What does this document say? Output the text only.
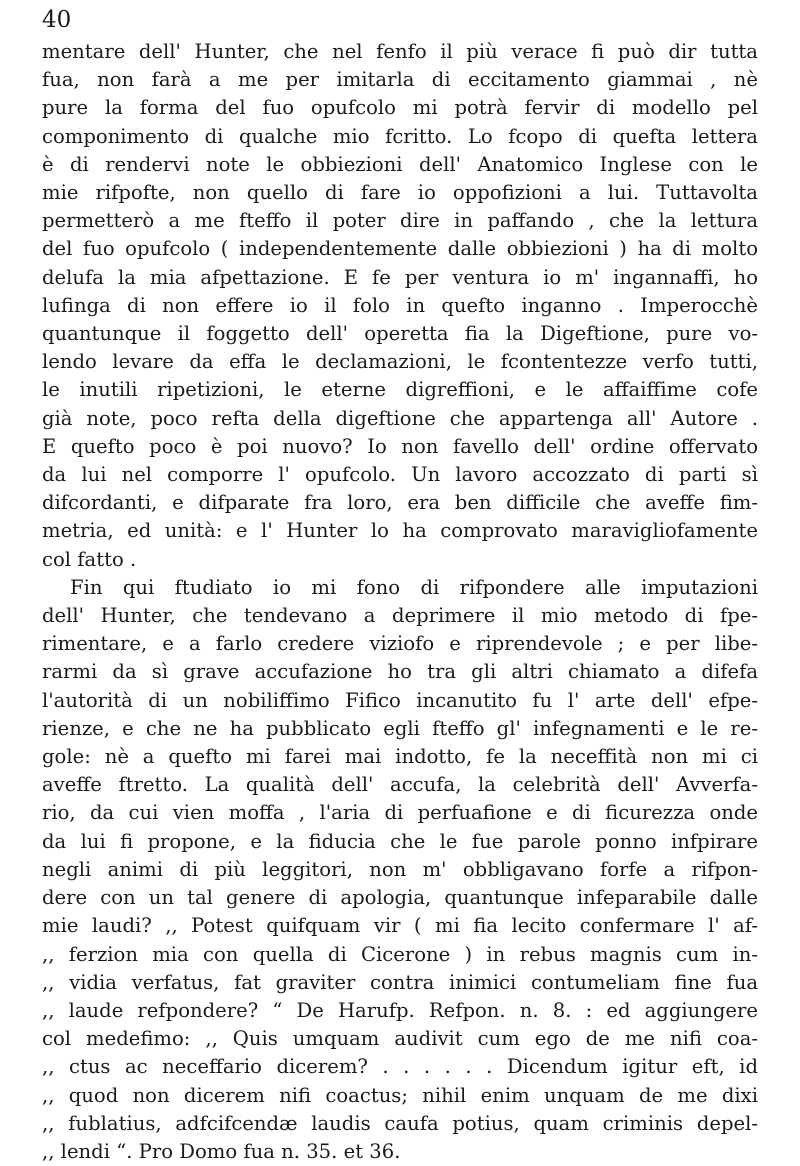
40
mentare dell' Hunter, che nel fenfo il più verace fi può dir tutta
fua, non farà a me per imitarla di eccitamento giammai , nè
pure la forma del fuo opufcolo mi potrà fervir di modello pel
componimento di qualche mio fcritto. Lo fcopo di quefta lettera
è di rendervi note le obbiezioni dell' Anatomico Inglese con le
mie rifpofte, non quello di fare io oppofizioni a lui. Tuttavolta
permetterò a me fteffo il poter dire in paffando , che la lettura
del fuo opufcolo ( independentemente dalle obbiezioni ) ha di molto
delufa la mia afpettazione. E fe per ventura io m' ingannaffi, ho
lufinga di non effere io il folo in quefto inganno . Imperocchè
quantunque il foggetto dell' operetta fia la Digeftione, pure vo-
lendo levare da effa le declamazioni, le fcontentezze verfo tutti,
le inutili ripetizioni, le eterne digreffioni, e le affaiffime cofe
già note, poco refta della digeftione che appartenga all' Autore .
E quefto poco è poi nuovo? Io non favello dell' ordine offervato
da lui nel comporre l' opufcolo. Un lavoro accozzato di parti sì
difcordanti, e difparate fra loro, era ben difficile che aveffe fim-
metria, ed unità: e l' Hunter lo ha comprovato maravigliofamente
col fatto .
Fin qui ftudiato io mi fono di rifpondere alle imputazioni
dell' Hunter, che tendevano a deprimere il mio metodo di fpe-
rimentare, e a farlo credere viziofo e riprendevole ; e per libe-
rarmi da sì grave accufazione ho tra gli altri chiamato a difefa
l'autorità di un nobiliffimo Fifico incanutito fu l' arte dell' efpe-
rienze, e che ne ha pubblicato egli fteffo gl' infegnamenti e le re-
gole: nè a quefto mi farei mai indotto, fe la neceffità non mi ci
aveffe ftretto. La qualità dell' accufa, la celebrità dell' Avverfa-
rio, da cui vien moffa , l'aria di perfuafione e di ficurezza onde
da lui fi propone, e la fiducia che le fue parole ponno infpirare
negli animi di più leggitori, non m' obbligavano forfe a rifpon-
dere con un tal genere di apologia, quantunque infeparabile dalle
mie laudi? ,, Potest quifquam vir ( mi fia lecito confermare l' af-
,, ferzion mia con quella di Cicerone ) in rebus magnis cum in-
,, vidia verfatus, fat graviter contra inimici contumeliam fine fua
,, laude refpondere? “ De Harufp. Refpon. n. 8. : ed aggiungere
col medefimo: ,, Quis umquam audivit cum ego de me nifi coa-
,, ctus ac neceffario dicerem? . . . . . . Dicendum igitur eft, id
,, quod non dicerem nifi coactus; nihil enim unquam de me dixi
,, fublatius, adfcifcendæ laudis caufa potius, quam criminis depel-
,, lendi “. Pro Domo fua n. 35. et 36.
